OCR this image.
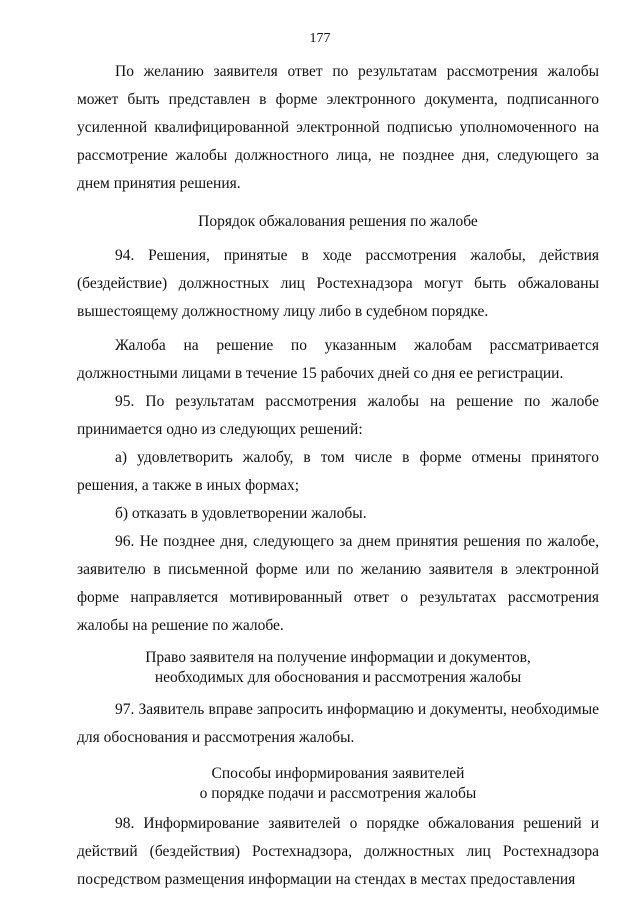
177

По желанию заявителя ответ по результатам рассмотрения жалобы может быть представлен в форме электронного документа, подписанного усиленной квалифицированной электронной подписью уполномоченного на рассмотрение жалобы должностного лица, не позднее дня, следующего за днем принятия решения.

Порядок обжалования решения по жалобе

94. Решения, принятые в ходе рассмотрения жалобы, действия (бездействие) должностных лиц Ростехнадзора могут быть обжалованы вышестоящему должностному лицу либо в судебном порядке.

Жалоба на решение по указанным жалобам рассматривается должностными лицами в течение 15 рабочих дней со дня ее регистрации.

95. По результатам рассмотрения жалобы на решение по жалобе принимается одно из следующих решений:

а) удовлетворить жалобу, в том числе в форме отмены принятого решения, а также в иных формах;

б) отказать в удовлетворении жалобы.

96. Не позднее дня, следующего за днем принятия решения по жалобе, заявителю в письменной форме или по желанию заявителя в электронной форме направляется мотивированный ответ о результатах рассмотрения жалобы на решение по жалобе.

Право заявителя на получение информации и документов,
необходимых для обоснования и рассмотрения жалобы

97. Заявитель вправе запросить информацию и документы, необходимые для обоснования и рассмотрения жалобы.

Способы информирования заявителей
о порядке подачи и рассмотрения жалобы

98. Информирование заявителей о порядке обжалования решений и действий (бездействия) Ростехнадзора, должностных лиц Ростехнадзора посредством размещения информации на стендах в местах предоставления
